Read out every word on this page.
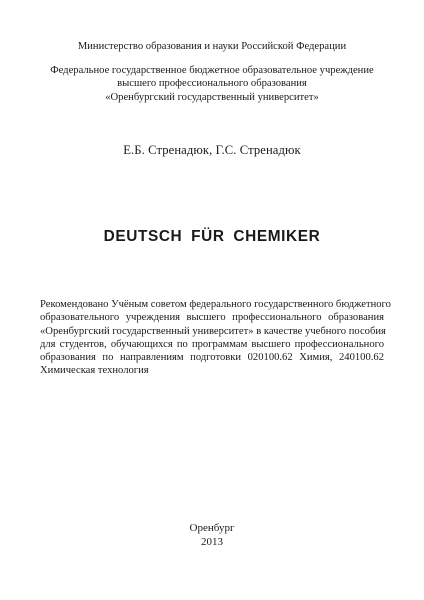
Министерство образования и науки Российской Федерации
Федеральное государственное бюджетное образовательное учреждение
высшего профессионального образования
«Оренбургский государственный университет»
Е.Б. Стренадюк, Г.С. Стренадюк
DEUTSCH FÜR CHEMIKER
Рекомендовано Учёным советом федерального государственного бюджетного
образовательного учреждения высшего профессионального образования
«Оренбургский государственный университет» в качестве учебного пособия
для студентов, обучающихся по программам высшего профессионального
образования по направлениям подготовки 020100.62 Химия, 240100.62
Химическая технология
Оренбург
2013
